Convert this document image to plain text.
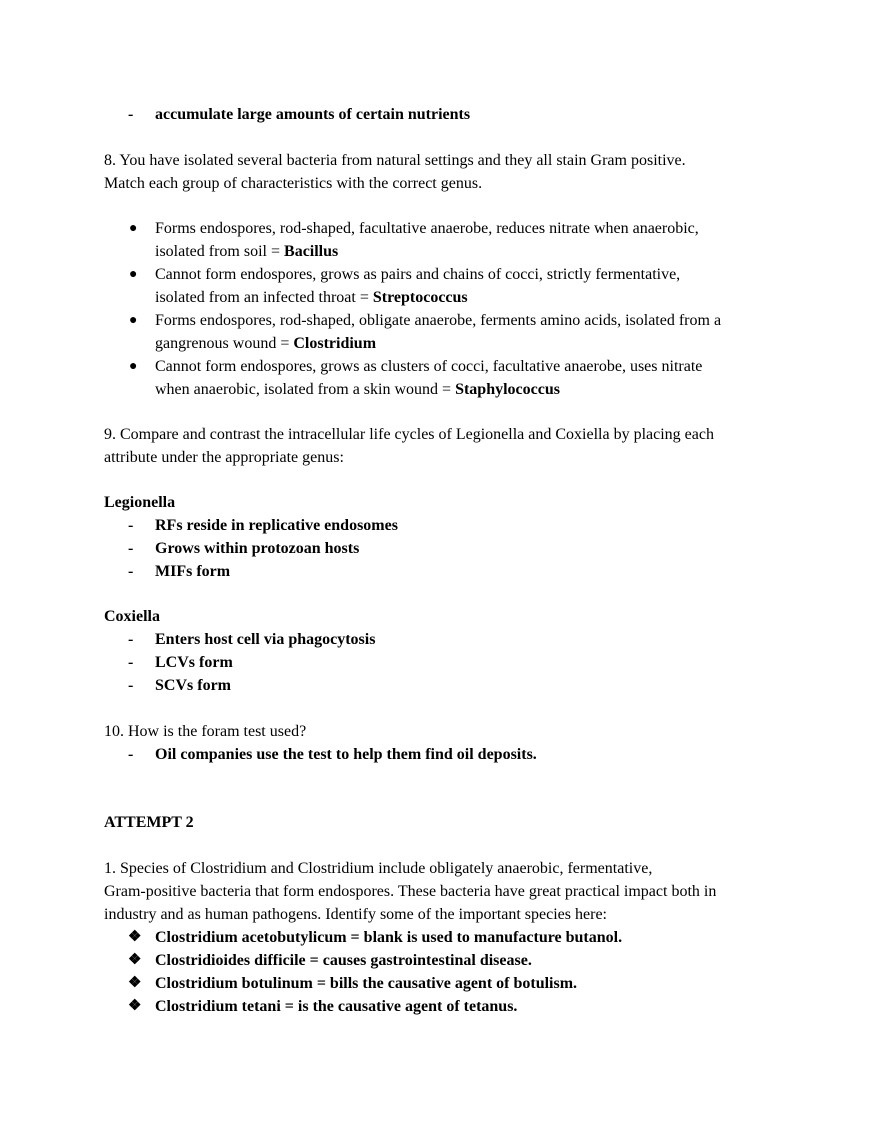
- accumulate large amounts of certain nutrients
8. You have isolated several bacteria from natural settings and they all stain Gram positive.
Match each group of characteristics with the correct genus.
● Forms endospores, rod-shaped, facultative anaerobe, reduces nitrate when anaerobic,
isolated from soil = Bacillus
● Cannot form endospores, grows as pairs and chains of cocci, strictly fermentative,
isolated from an infected throat = Streptococcus
● Forms endospores, rod-shaped, obligate anaerobe, ferments amino acids, isolated from a
gangrenous wound = Clostridium
● Cannot form endospores, grows as clusters of cocci, facultative anaerobe, uses nitrate
when anaerobic, isolated from a skin wound = Staphylococcus
9. Compare and contrast the intracellular life cycles of Legionella and Coxiella by placing each
attribute under the appropriate genus:
Legionella
- RFs reside in replicative endosomes
- Grows within protozoan hosts
- MIFs form
Coxiella
- Enters host cell via phagocytosis
- LCVs form
- SCVs form
10. How is the foram test used?
- Oil companies use the test to help them find oil deposits.
ATTEMPT 2
1. Species of Clostridium and Clostridium include obligately anaerobic, fermentative,
Gram-positive bacteria that form endospores. These bacteria have great practical impact both in
industry and as human pathogens. Identify some of the important species here:
❖ Clostridium acetobutylicum = blank is used to manufacture butanol.
❖ Clostridioides difficile = causes gastrointestinal disease.
❖ Clostridium botulinum = bills the causative agent of botulism.
❖ Clostridium tetani = is the causative agent of tetanus.
